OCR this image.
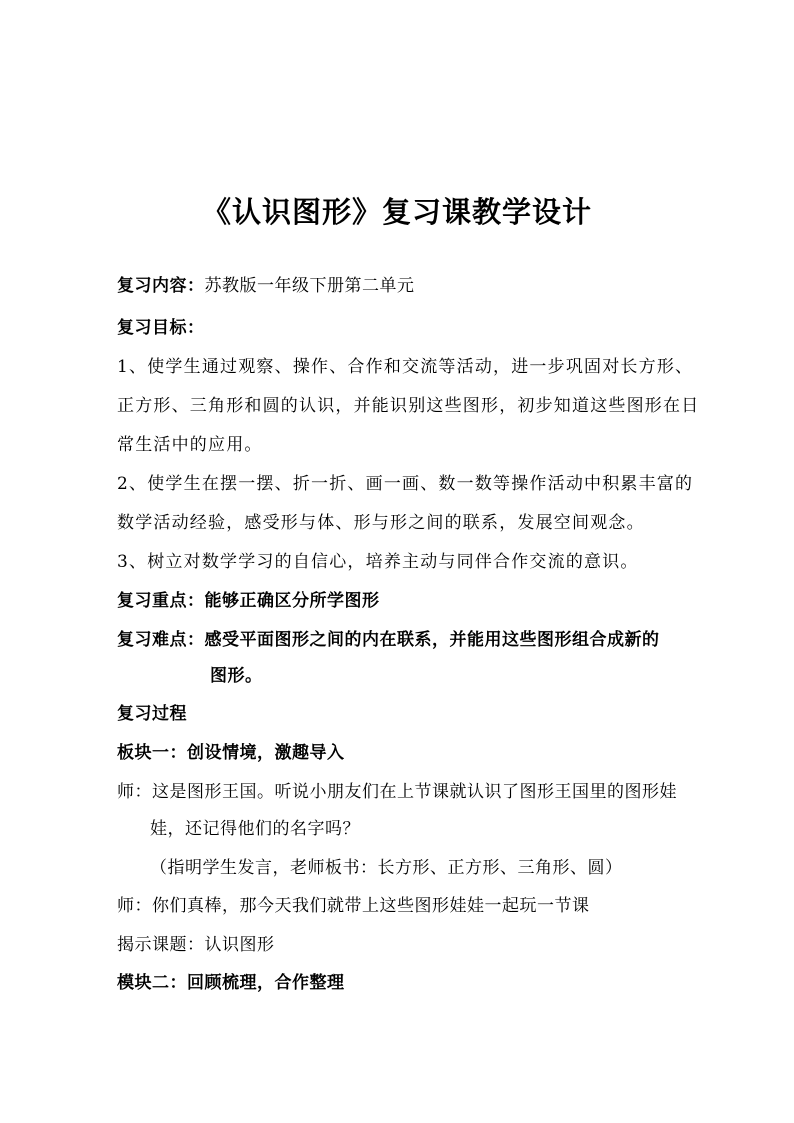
《认识图形》复习课教学设计
复习内容：苏教版一年级下册第二单元
复习目标：
1、使学生通过观察、操作、合作和交流等活动，进一步巩固对长方形、
正方形、三角形和圆的认识，并能识别这些图形，初步知道这些图形在日
常生活中的应用。
2、使学生在摆一摆、折一折、画一画、数一数等操作活动中积累丰富的
数学活动经验，感受形与体、形与形之间的联系，发展空间观念。
3、树立对数学学习的自信心，培养主动与同伴合作交流的意识。
复习重点：能够正确区分所学图形
复习难点：感受平面图形之间的内在联系，并能用这些图形组合成新的
图形。
复习过程
板块一：创设情境，激趣导入
师：这是图形王国。听说小朋友们在上节课就认识了图形王国里的图形娃
娃，还记得他们的名字吗？
（指明学生发言，老师板书：长方形、正方形、三角形、圆）
师：你们真棒，那今天我们就带上这些图形娃娃一起玩一节课
揭示课题：认识图形
模块二：回顾梳理，合作整理
